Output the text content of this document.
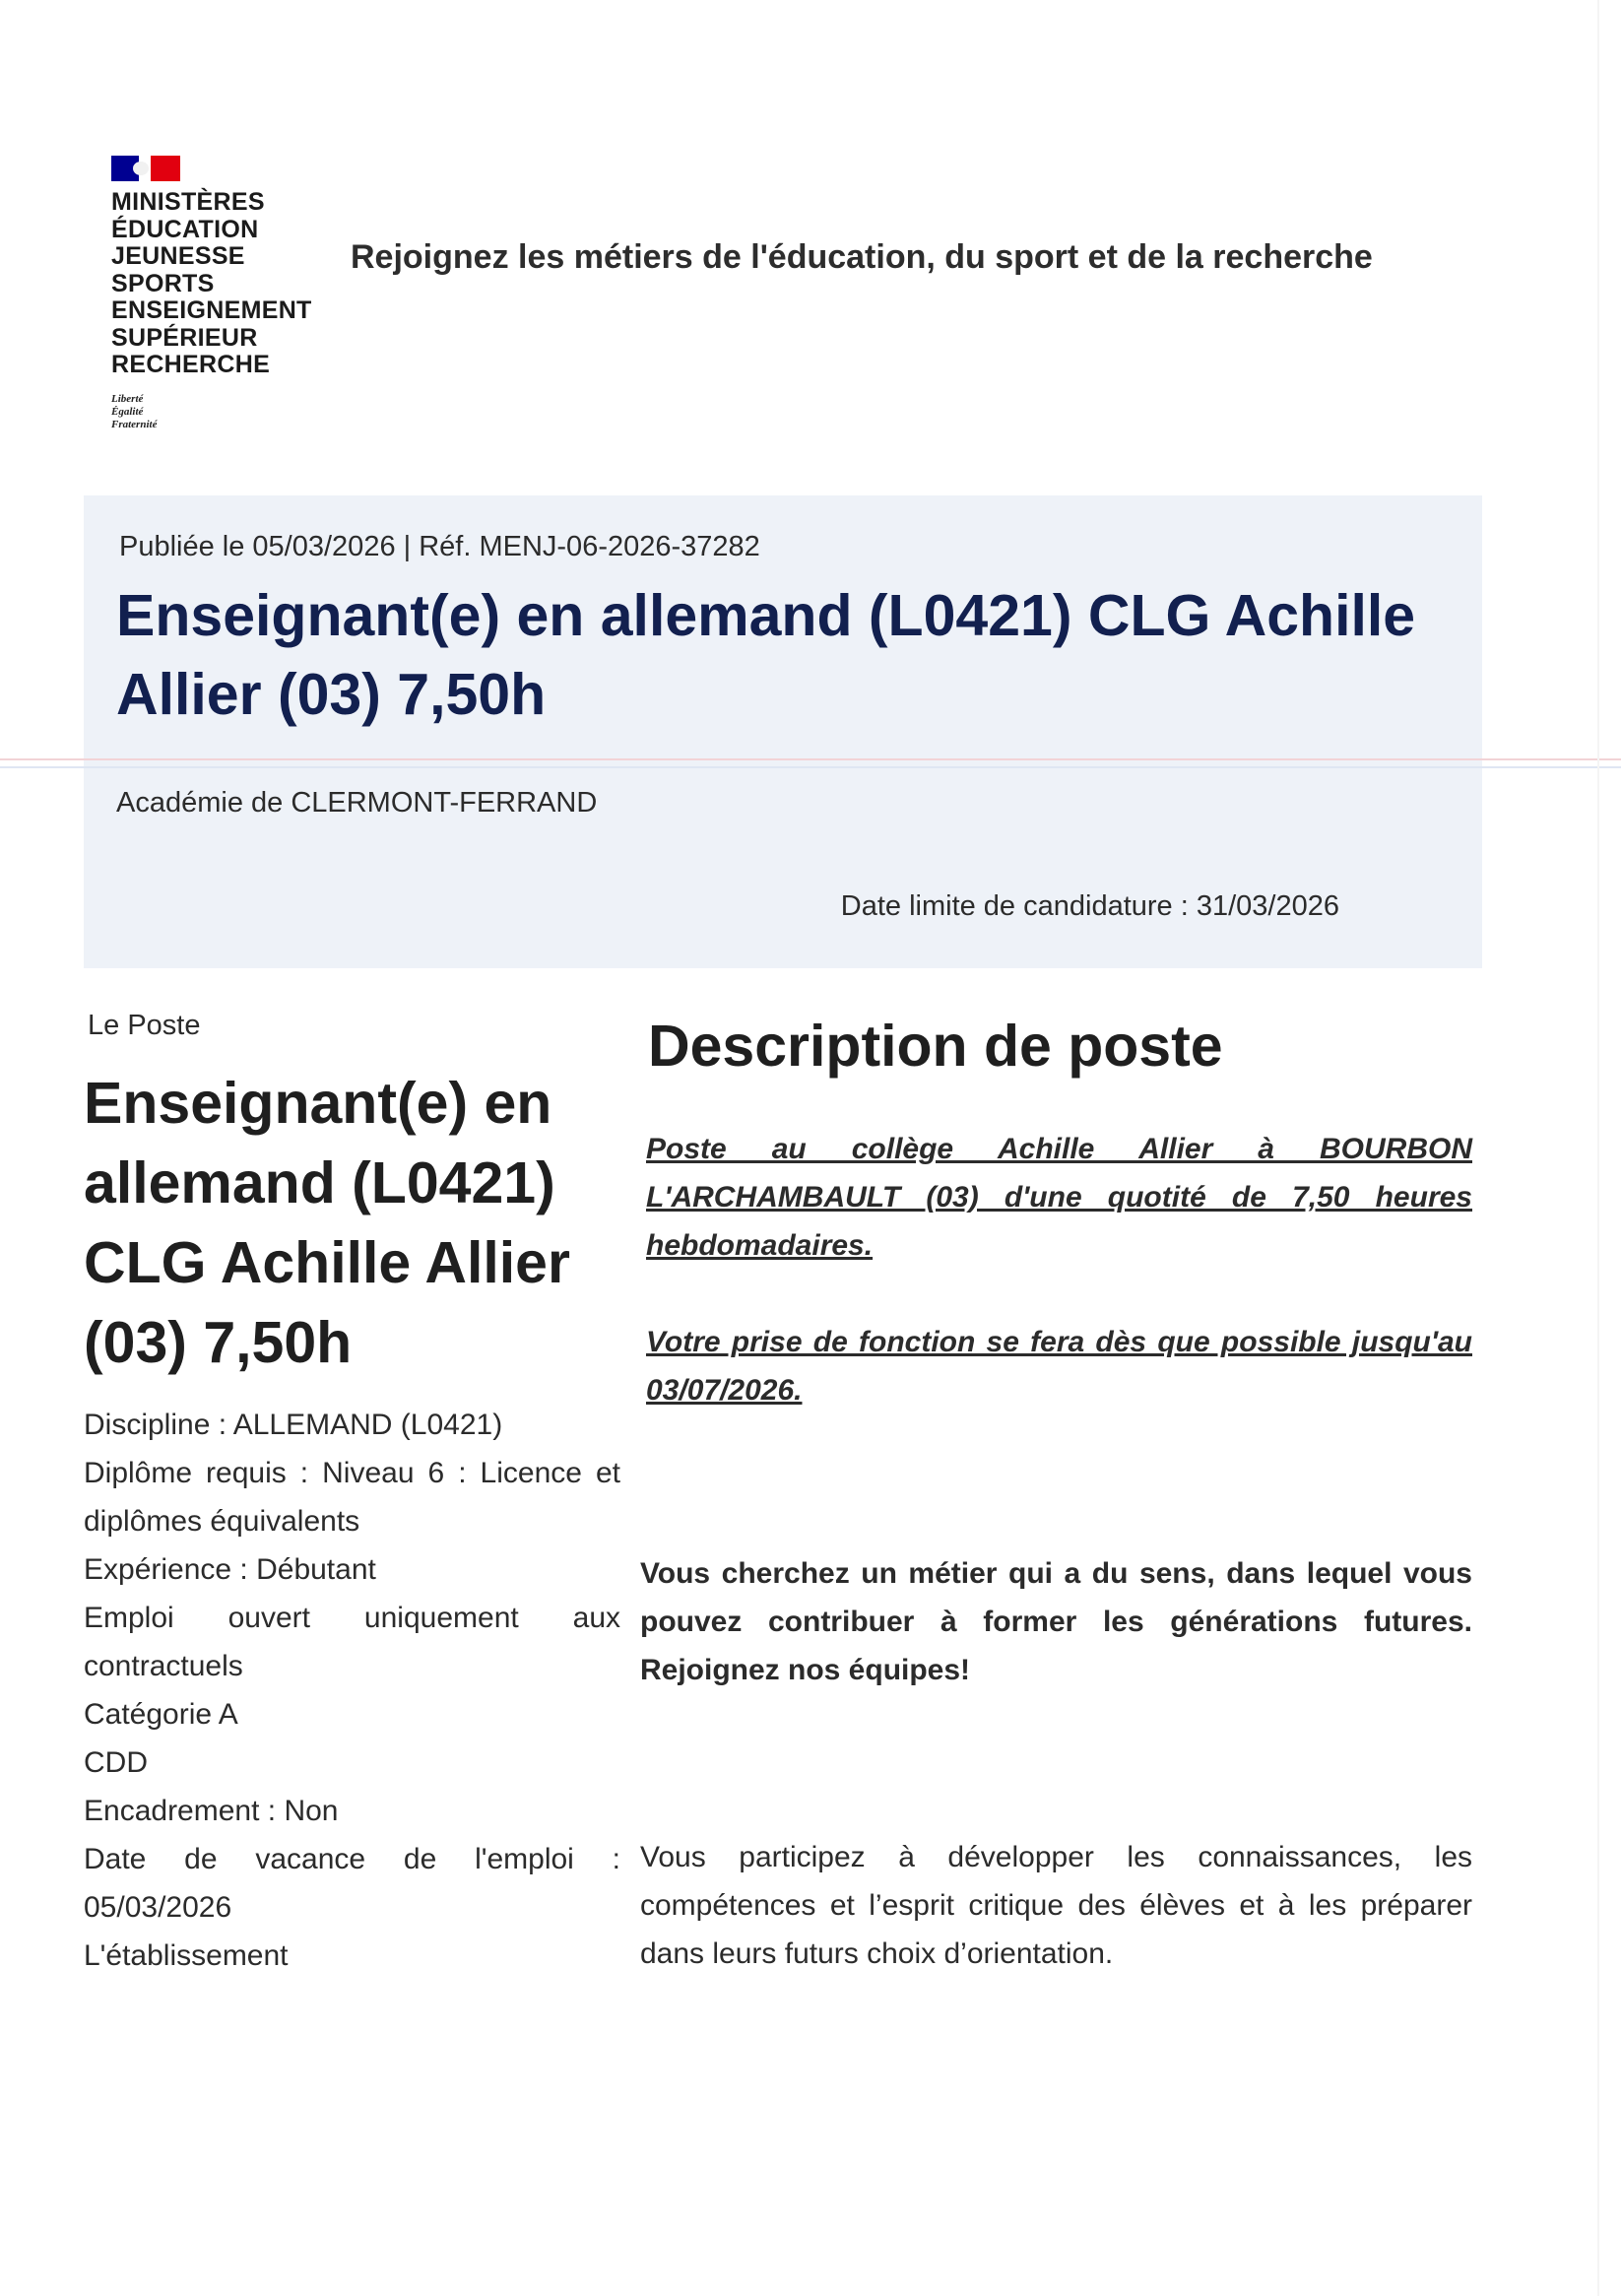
MINISTÈRES
ÉDUCATION
JEUNESSE
SPORTS
ENSEIGNEMENT
SUPÉRIEUR
RECHERCHE
Liberté
Égalité
Fraternité
Rejoignez les métiers de l'éducation, du sport et de la recherche
Publiée le 05/03/2026 | Réf. MENJ-06-2026-37282
Enseignant(e) en allemand (L0421) CLG Achille Allier (03) 7,50h
Académie de CLERMONT-FERRAND
Date limite de candidature : 31/03/2026
Le Poste
Enseignant(e) en allemand (L0421) CLG Achille Allier (03) 7,50h
Discipline : ALLEMAND (L0421)
Diplôme requis : Niveau 6 : Licence et diplômes équivalents
Expérience : Débutant
Emploi ouvert uniquement aux contractuels
Catégorie A
CDD
Encadrement : Non
Date de vacance de l'emploi : 05/03/2026
L'établissement
Description de poste
Poste au collège Achille Allier à BOURBON L'ARCHAMBAULT (03) d'une quotité de 7,50 heures hebdomadaires.
Votre prise de fonction se fera dès que possible jusqu'au 03/07/2026.
Vous cherchez un métier qui a du sens, dans lequel vous pouvez contribuer à former les générations futures. Rejoignez nos équipes!
Vous participez à développer les connaissances, les compétences et l’esprit critique des élèves et à les préparer dans leurs futurs choix d’orientation.
